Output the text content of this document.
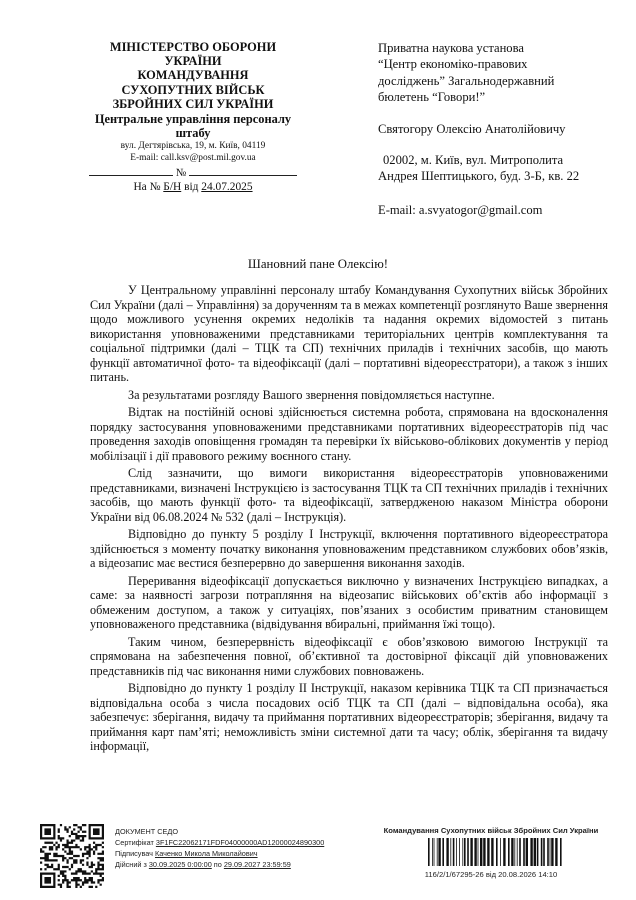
МІНІСТЕРСТВО ОБОРОНИ
УКРАЇНИ
КОМАНДУВАННЯ
СУХОПУТНИХ ВІЙСЬК
ЗБРОЙНИХ СИЛ УКРАЇНИ
Центральне управління персоналу штабу
вул. Дегтярівська, 19, м. Київ, 04119
E-mail: call.ksv@post.mil.gov.ua
№
На № Б/Н від 24.07.2025
Приватна наукова установа
“Центр економіко-правових
досліджень” Загальнодержавний
бюлетень “Говори!”
Святогору Олексію Анатолійовичу
02002, м. Київ, вул. Митрополита
Андрея Шептицького, буд. 3-Б, кв. 22
E-mail: a.svyatogor@gmail.com
Шановний пане Олексію!

У Центральному управлінні персоналу штабу Командування Сухопутних військ Збройних Сил України (далі – Управління) за дорученням та в межах компетенції розглянуто Ваше звернення щодо можливого усунення окремих недоліків та надання окремих відомостей з питань використання уповноваженими представниками територіальних центрів комплектування та соціальної підтримки (далі – ТЦК та СП) технічних приладів і технічних засобів, що мають функції автоматичної фото- та відеофіксації (далі – портативні відеореєстратори), а також з інших питань.

За результатами розгляду Вашого звернення повідомляється наступне.

Відтак на постійній основі здійснюється системна робота, спрямована на вдосконалення порядку застосування уповноваженими представниками портативних відеореєстраторів під час проведення заходів оповіщення громадян та перевірки їх військово-облікових документів у період мобілізації і дії правового режиму воєнного стану.

Слід зазначити, що вимоги використання відеореєстраторів уповноваженими представниками, визначені Інструкцією із застосування ТЦК та СП технічних приладів і технічних засобів, що мають функції фото- та відеофіксації, затвердженою наказом Міністра оборони України від 06.08.2024 № 532 (далі – Інструкція).

Відповідно до пункту 5 розділу І Інструкції, включення портативного відеореєстратора здійснюється з моменту початку виконання уповноваженим представником службових обов’язків, а відеозапис має вестися безперервно до завершення виконання заходів.

Переривання відеофіксації допускається виключно у визначених Інструкцією випадках, а саме: за наявності загрози потрапляння на відеозапис військових об’єктів або інформації з обмеженим доступом, а також у ситуаціях, пов’язаних з особистим приватним становищем уповноваженого представника (відвідування вбиральні, приймання їжі тощо).

Таким чином, безперервність відеофіксації є обов’язковою вимогою Інструкції та спрямована на забезпечення повної, об’єктивної та достовірної фіксації дій уповноважених представників під час виконання ними службових повноважень.

Відповідно до пункту 1 розділу ІІ Інструкції, наказом керівника ТЦК та СП призначається відповідальна особа з числа посадових осіб ТЦК та СП (далі – відповідальна особа), яка забезпечує: зберігання, видачу та приймання портативних відеореєстраторів; зберігання, видачу та приймання карт пам’яті; неможливість зміни системної дати та часу; облік, зберігання та видачу інформації,

ДОКУМЕНТ СЕДО
Сертифікат 3F1FC22062171FDF04000000AD12000024890300
Підписувач Каченко Микола Миколайович
Дійсний з 30.09.2025 0:00:00 по 29.09.2027 23:59:59
Командування Сухопутних військ Збройних Сил України
116/2/1/67295-26 від 20.08.2026 14:10
